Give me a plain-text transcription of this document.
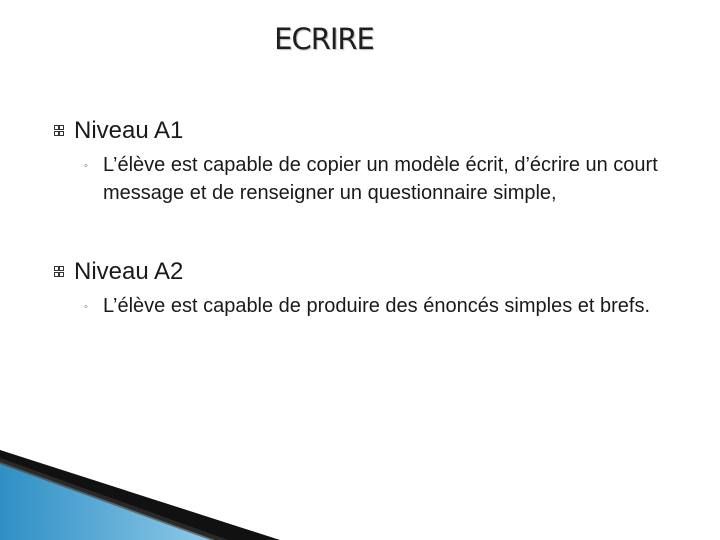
ECRIRE
Niveau A1
◦ L’élève est capable de copier un modèle écrit, d’écrire un court message et de renseigner un questionnaire simple,
Niveau A2
◦ L’élève est capable de produire des énoncés simples et brefs.
